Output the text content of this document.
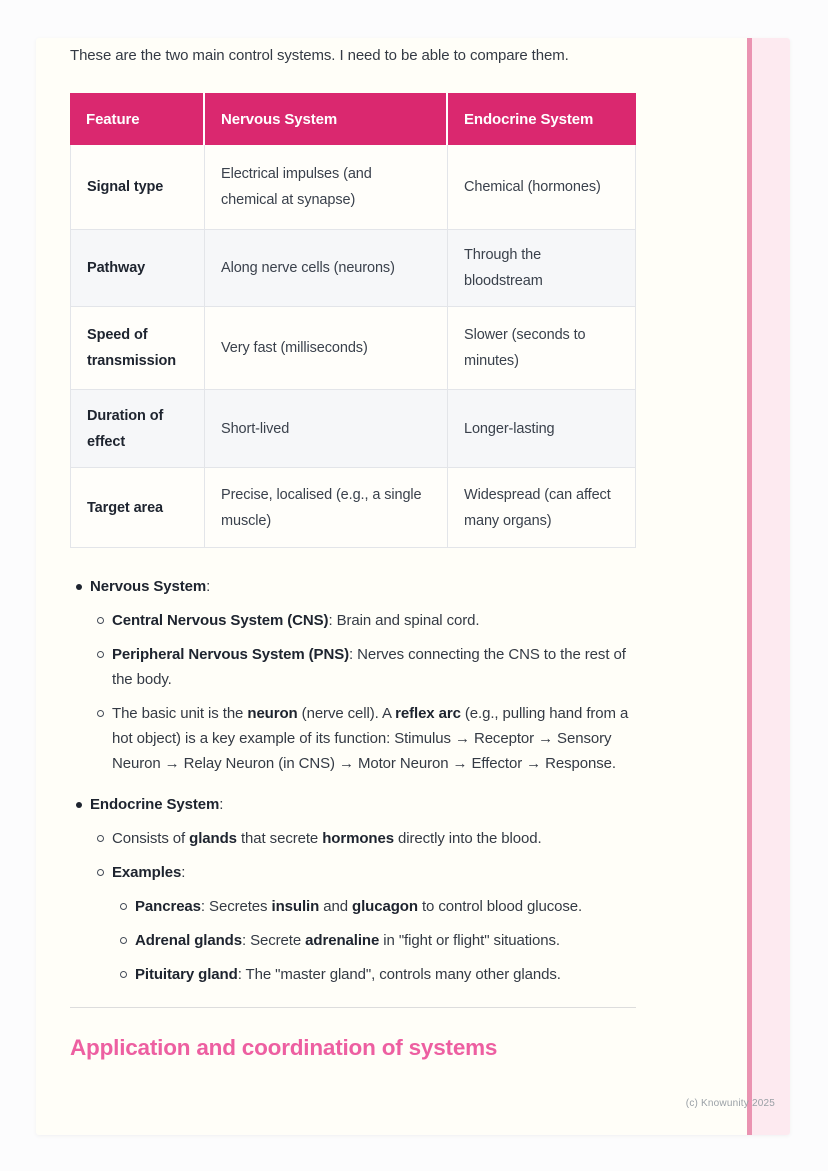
These are the two main control systems. I need to be able to compare them.

Feature	Nervous System	Endocrine System
Signal type	Electrical impulses (and chemical at synapse)	Chemical (hormones)
Pathway	Along nerve cells (neurons)	Through the bloodstream
Speed of transmission	Very fast (milliseconds)	Slower (seconds to minutes)
Duration of effect	Short-lived	Longer-lasting
Target area	Precise, localised (e.g., a single muscle)	Widespread (can affect many organs)
Nervous System:
Central Nervous System (CNS): Brain and spinal cord.
Peripheral Nervous System (PNS): Nerves connecting the CNS to the rest of the body.
The basic unit is the neuron (nerve cell). A reflex arc (e.g., pulling hand from a hot object) is a key example of its function: Stimulus → Receptor → Sensory Neuron → Relay Neuron (in CNS) → Motor Neuron → Effector → Response.
Endocrine System:
Consists of glands that secrete hormones directly into the blood.
Examples:
Pancreas: Secretes insulin and glucagon to control blood glucose.
Adrenal glands: Secrete adrenaline in "fight or flight" situations.
Pituitary gland: The "master gland", controls many other glands.
Application and coordination of systems
(c) Knowunity 2025
